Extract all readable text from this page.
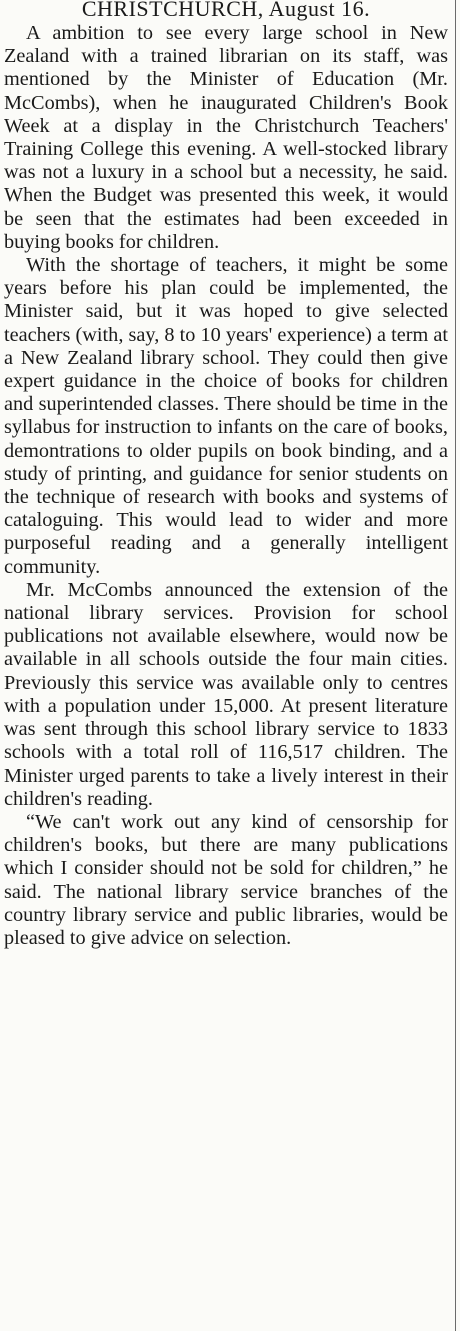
CHRISTCHURCH, August 16.

A ambition to see every large school in New Zealand with a trained librarian on its staff, was mentioned by the Minister of Education (Mr. McCombs), when he inaugurated Children's Book Week at a display in the Christchurch Teachers' Training College this evening. A well-stocked library was not a luxury in a school but a necessity, he said. When the Budget was presented this week, it would be seen that the estimates had been exceeded in buying books for children.

With the shortage of teachers, it might be some years before his plan could be implemented, the Minister said, but it was hoped to give selected teachers (with, say, 8 to 10 years' experience) a term at a New Zealand library school. They could then give expert guidance in the choice of books for children and superintended classes. There should be time in the syllabus for instruction to infants on the care of books, demontrations to older pupils on book binding, and a study of printing, and guidance for senior students on the technique of research with books and systems of cataloguing. This would lead to wider and more purposeful reading and a generally intelligent community.

Mr. McCombs announced the extension of the national library services. Provision for school publications not available elsewhere, would now be available in all schools outside the four main cities. Previously this service was available only to centres with a population under 15,000. At present literature was sent through this school library service to 1833 schools with a total roll of 116,517 children. The Minister urged parents to take a lively interest in their children's reading.

“We can't work out any kind of censorship for children's books, but there are many publications which I consider should not be sold for children,” he said. The national library service branches of the country library service and public libraries, would be pleased to give advice on selection.
